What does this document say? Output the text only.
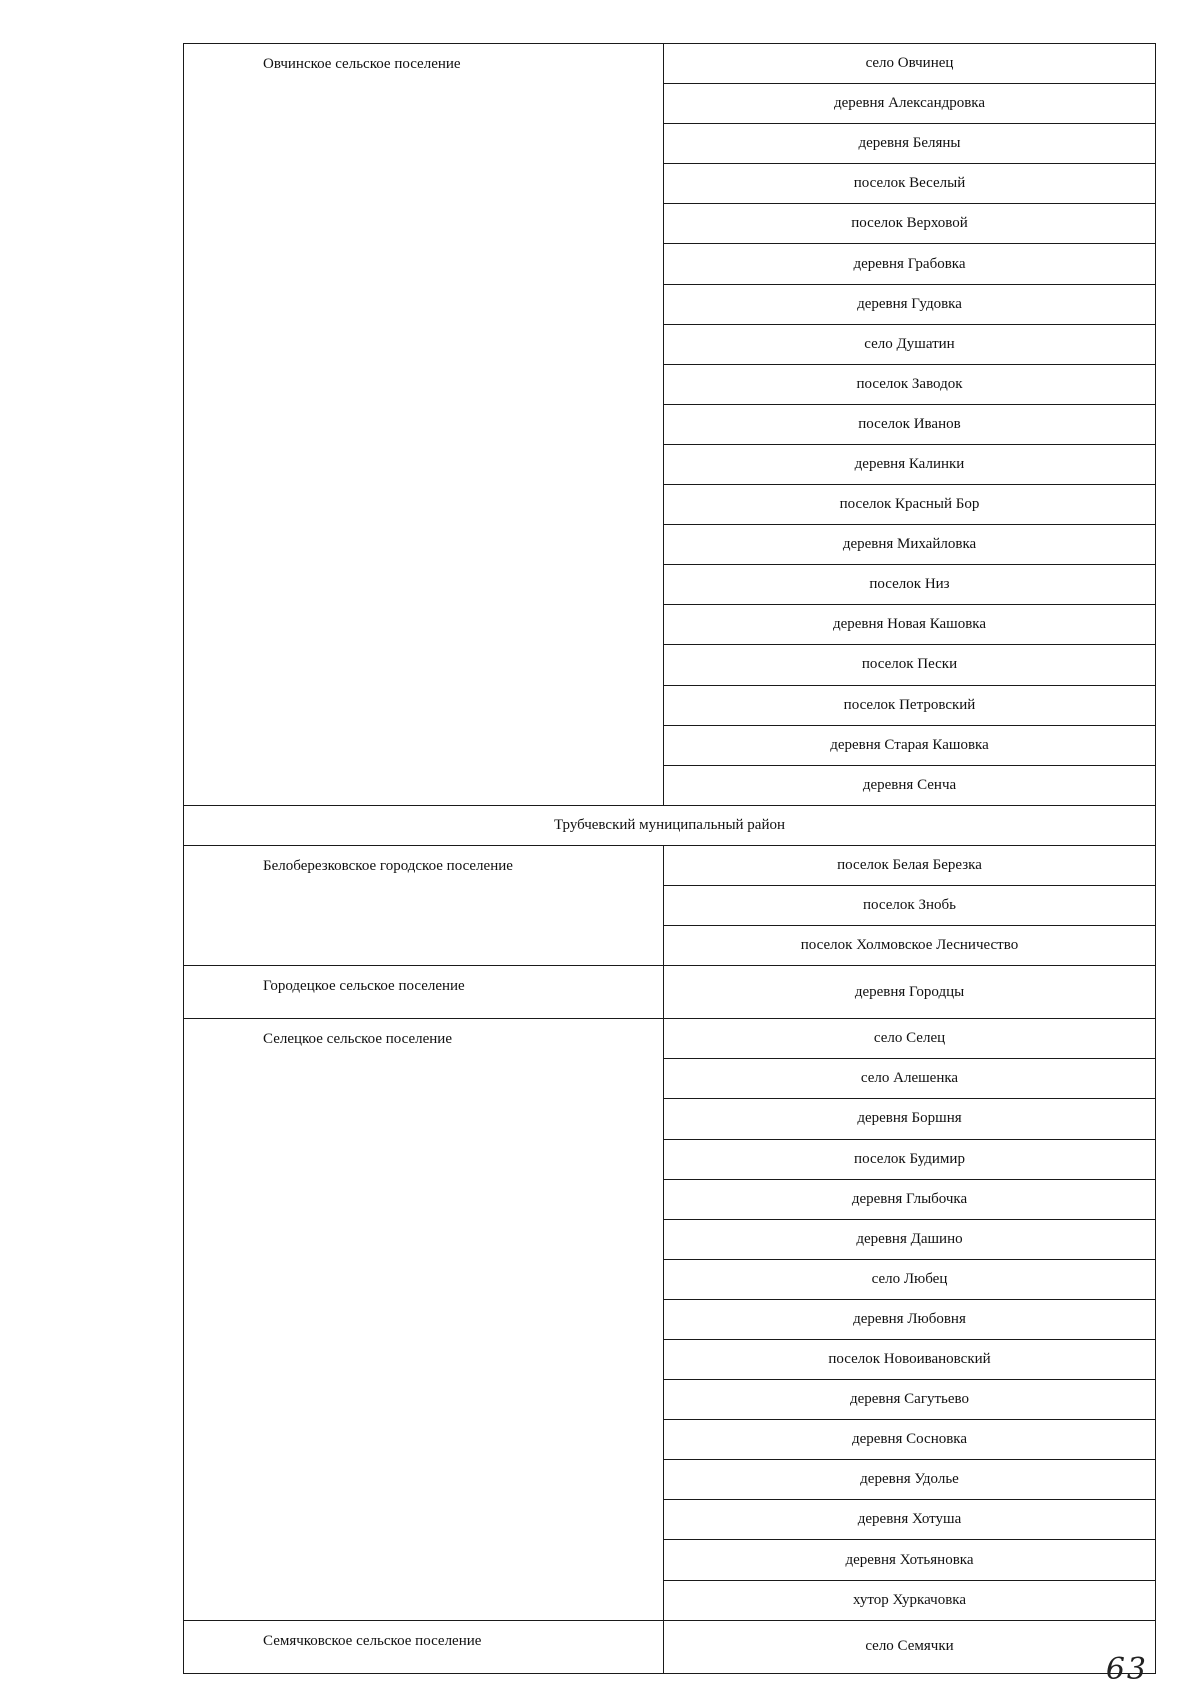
Овчинское сельское поселение	село Овчинец
	деревня Александровка
	деревня Беляны
	поселок Веселый
	поселок Верховой
	деревня Грабовка
	деревня Гудовка
	село Душатин
	поселок Заводок
	поселок Иванов
	деревня Калинки
	поселок Красный Бор
	деревня Михайловка
	поселок Низ
	деревня Новая Кашовка
	поселок Пески
	поселок Петровский
	деревня Старая Кашовка
	деревня Сенча
Трубчевский муниципальный район	
Белоберезковское городское поселение	поселок Белая Березка
	поселок Знобь
	поселок Холмовское Лесничество
Городецкое сельское поселение	деревня Городцы
Селецкое сельское поселение	село Селец
	село Алешенка
	деревня Боршня
	поселок Будимир
	деревня Глыбочка
	деревня Дашино
	село Любец
	деревня Любовня
	поселок Новоивановский
	деревня Сагутьево
	деревня Сосновка
	деревня Удолье
	деревня Хотуша
	деревня Хотьяновка
	хутор Хуркачовка
Семячковское сельское поселение	село Семячки
63
